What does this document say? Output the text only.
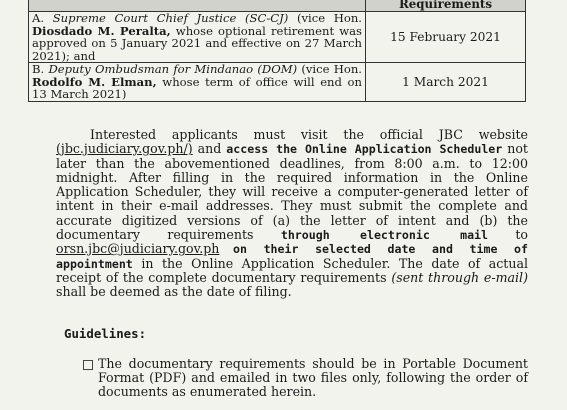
	Requirements
A. Supreme Court Chief Justice (SC-CJ) (vice Hon. Diosdado M. Peralta, whose optional retirement was approved on 5 January 2021 and effective on 27 March 2021); and	15 February 2021
B. Deputy Ombudsman for Mindanao (DOM) (vice Hon. Rodolfo M. Elman, whose term of office will end on 13 March 2021)	1 March 2021
Interested applicants must visit the official JBC website (jbc.judiciary.gov.ph/) and access the Online Application Scheduler not later than the abovementioned deadlines, from 8:00 a.m. to 12:00 midnight. After filling in the required information in the Online Application Scheduler, they will receive a computer-generated letter of intent in their e-mail addresses. They must submit the complete and accurate digitized versions of (a) the letter of intent and (b) the documentary requirements through electronic mail to orsn.jbc@judiciary.gov.ph on their selected date and time of appointment in the Online Application Scheduler. The date of actual receipt of the complete documentary requirements (sent through e-mail) shall be deemed as the date of filing.
Guidelines:
The documentary requirements should be in Portable Document Format (PDF) and emailed in two files only, following the order of documents as enumerated herein.
